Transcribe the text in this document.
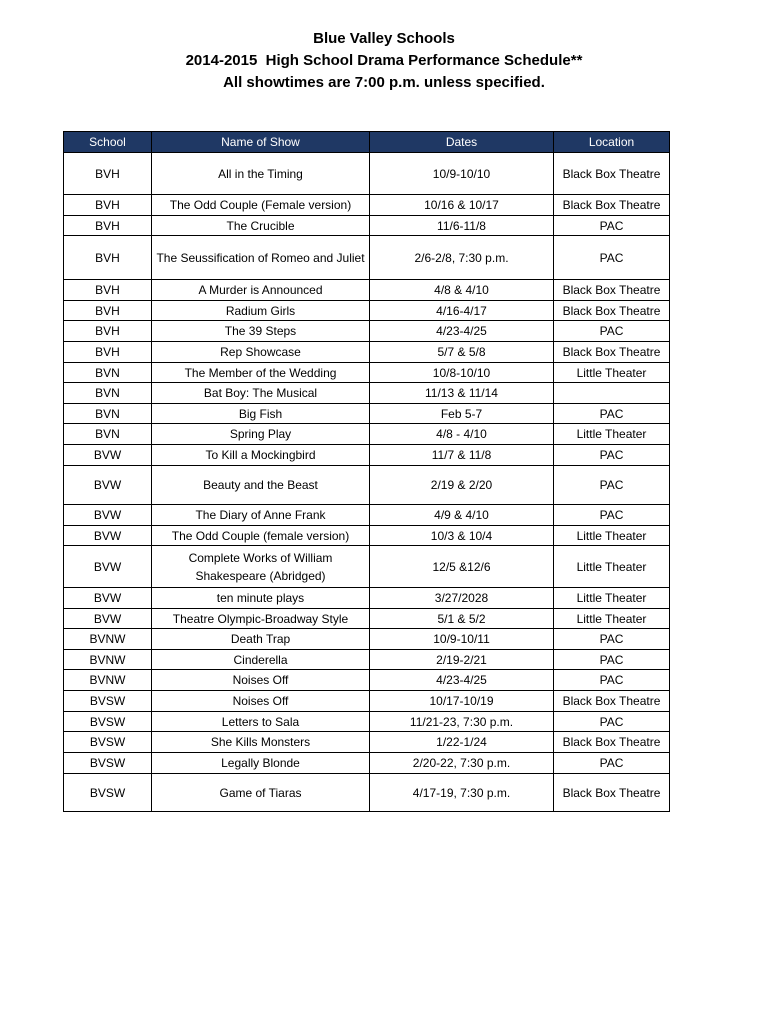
Blue Valley Schools
2014-2015  High School Drama Performance Schedule**
All showtimes are 7:00 p.m. unless specified.
School	Name of Show	Dates	Location
BVH	All in the Timing	10/9-10/10	Black Box Theatre
BVH	The Odd Couple (Female version)	10/16 & 10/17	Black Box Theatre
BVH	The Crucible	11/6-11/8	PAC
BVH	The Seussification of Romeo and Juliet	2/6-2/8, 7:30 p.m.	PAC
BVH	A Murder is Announced	4/8 & 4/10	Black Box Theatre
BVH	Radium Girls	4/16-4/17	Black Box Theatre
BVH	The 39 Steps	4/23-4/25	PAC
BVH	Rep Showcase	5/7 & 5/8	Black Box Theatre
BVN	The Member of the Wedding	10/8-10/10	Little Theater
BVN	Bat Boy: The Musical	11/13 & 11/14	
BVN	Big Fish	Feb 5-7	PAC
BVN	Spring Play	4/8 - 4/10	Little Theater
BVW	To Kill a Mockingbird	11/7 & 11/8	PAC
BVW	Beauty and the Beast	2/19 & 2/20	PAC
BVW	The Diary of Anne Frank	4/9 & 4/10	PAC
BVW	The Odd Couple (female version)	10/3 & 10/4	Little Theater
BVW	Complete Works of William Shakespeare (Abridged)	12/5 &12/6	Little Theater
BVW	ten minute plays	3/27/2028	Little Theater
BVW	Theatre Olympic-Broadway Style	5/1 & 5/2	Little Theater
BVNW	Death Trap	10/9-10/11	PAC
BVNW	Cinderella	2/19-2/21	PAC
BVNW	Noises Off	4/23-4/25	PAC
BVSW	Noises Off	10/17-10/19	Black Box Theatre
BVSW	Letters to Sala	11/21-23, 7:30 p.m.	PAC
BVSW	She Kills Monsters	1/22-1/24	Black Box Theatre
BVSW	Legally Blonde	2/20-22, 7:30 p.m.	PAC
BVSW	Game of Tiaras	4/17-19, 7:30 p.m.	Black Box Theatre
